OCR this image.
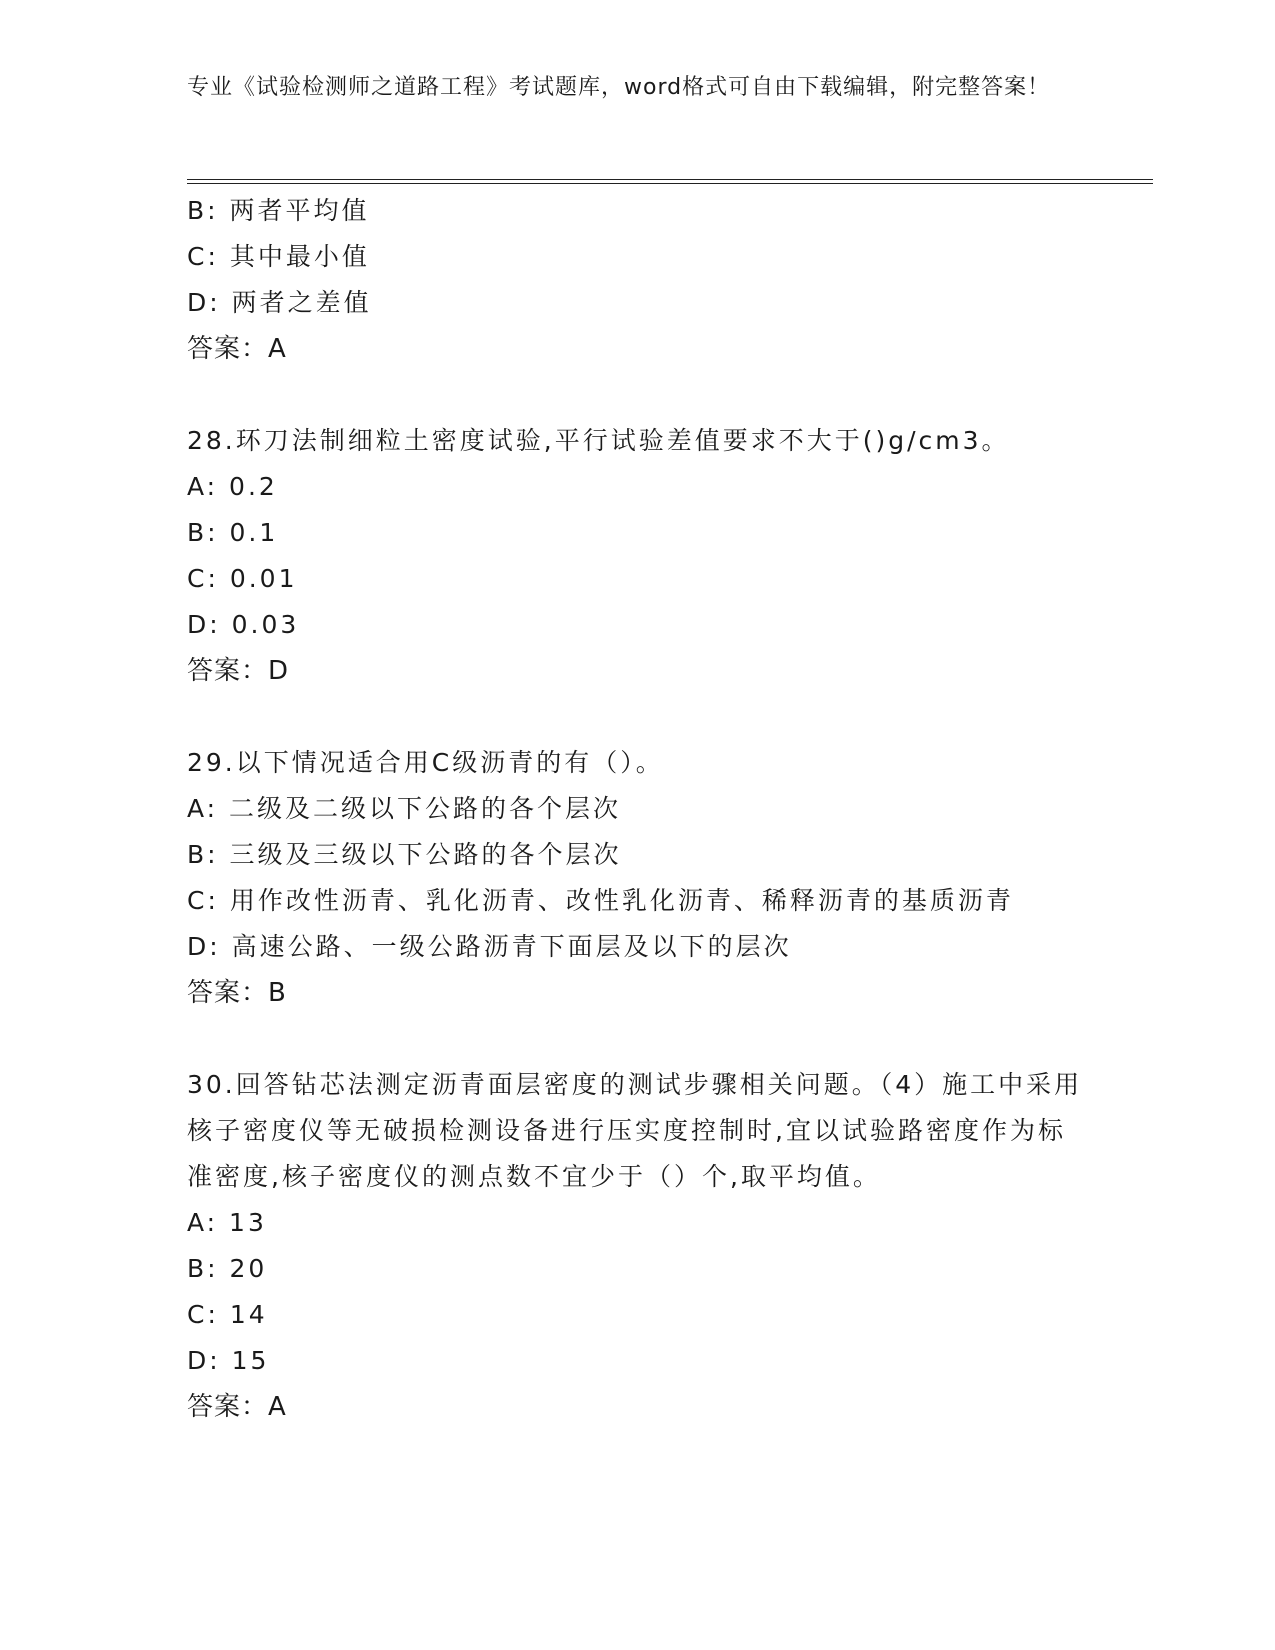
专业《试验检测师之道路工程》考试题库，word格式可自由下载编辑，附完整答案！
B: 两者平均值
C: 其中最小值
D: 两者之差值
答案：A
28.环刀法制细粒土密度试验,平行试验差值要求不大于()g/cm3。
A: 0.2
B: 0.1
C: 0.01
D: 0.03
答案：D
29.以下情况适合用C级沥青的有（）。
A: 二级及二级以下公路的各个层次
B: 三级及三级以下公路的各个层次
C: 用作改性沥青、乳化沥青、改性乳化沥青、稀释沥青的基质沥青
D: 高速公路、一级公路沥青下面层及以下的层次
答案：B
30.回答钻芯法测定沥青面层密度的测试步骤相关问题。（4）施工中采用核子密度仪等无破损检测设备进行压实度控制时,宜以试验路密度作为标准密度,核子密度仪的测点数不宜少于（）个,取平均值。
A: 13
B: 20
C: 14
D: 15
答案：A
